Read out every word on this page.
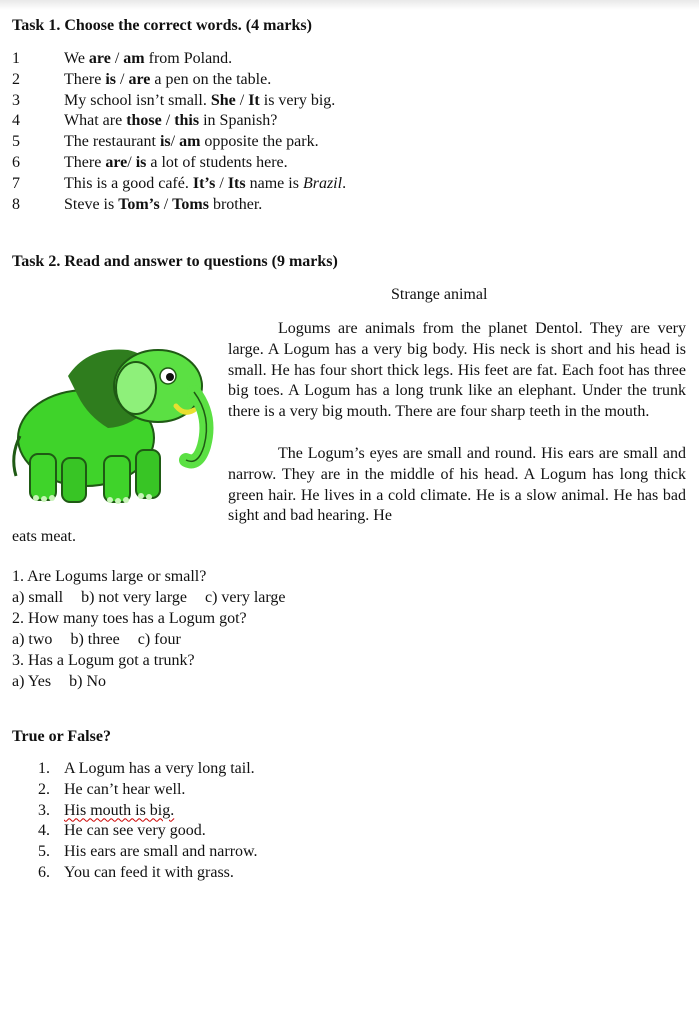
Task 1. Choose the correct words. (4 marks)
1	We are / am from Poland.
2	There is / are a pen on the table.
3	My school isn’t small. She / It is very big.
4	What are those / this in Spanish?
5	The restaurant is/ am opposite the park.
6	There are/ is a lot of students here.
7	This is a good café. It’s / Its name is Brazil.
8	Steve is Tom’s / Toms brother.
Task 2. Read and answer to questions (9 marks)
Strange animal

Logums are animals from the planet Dentol. They are very large. A Logum has a very big body. His neck is short and his head is small. He has four short thick legs. His feet are fat. Each foot has three big toes. A Logum has a long trunk like an elephant. Under the trunk there is a very big mouth. There are four sharp teeth in the mouth.

The Logum’s eyes are small and round. His ears are small and narrow. They are in the middle of his head. A Logum has long thick green hair. He lives in a cold climate. He is a slow animal. He has bad sight and bad hearing. He

eats meat.
1. Are Logums large or small?
a) small b) not very large c) very large
2. How many toes has a Logum got?
a) two b) three c) four
3. Has a Logum got a trunk?
a) Yes b) No
True or False?
1. A Logum has a very long tail.
2. He can’t hear well.
3. His mouth is big.
4. He can see very good.
5. His ears are small and narrow.
6. You can feed it with grass.
